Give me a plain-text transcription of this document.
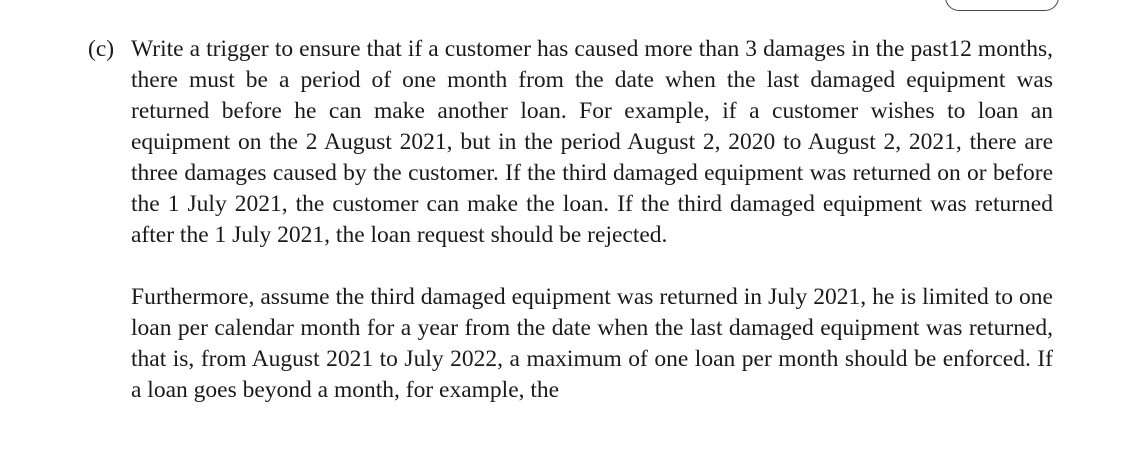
(c) Write a trigger to ensure that if a customer has caused more than 3 damages in the past12 months, there must be a period of one month from the date when the last damaged equipment was returned before he can make another loan. For example, if a customer wishes to loan an equipment on the 2 August 2021, but in the period August 2, 2020 to August 2, 2021, there are three damages caused by the customer. If the third damaged equipment was returned on or before the 1 July 2021, the customer can make the loan. If the third damaged equipment was returned after the 1 July 2021, the loan request should be rejected.

Furthermore, assume the third damaged equipment was returned in July 2021, he is limited to one loan per calendar month for a year from the date when the last damaged equipment was returned, that is, from August 2021 to July 2022, a maximum of one loan per month should be enforced. If a loan goes beyond a month, for example, the
